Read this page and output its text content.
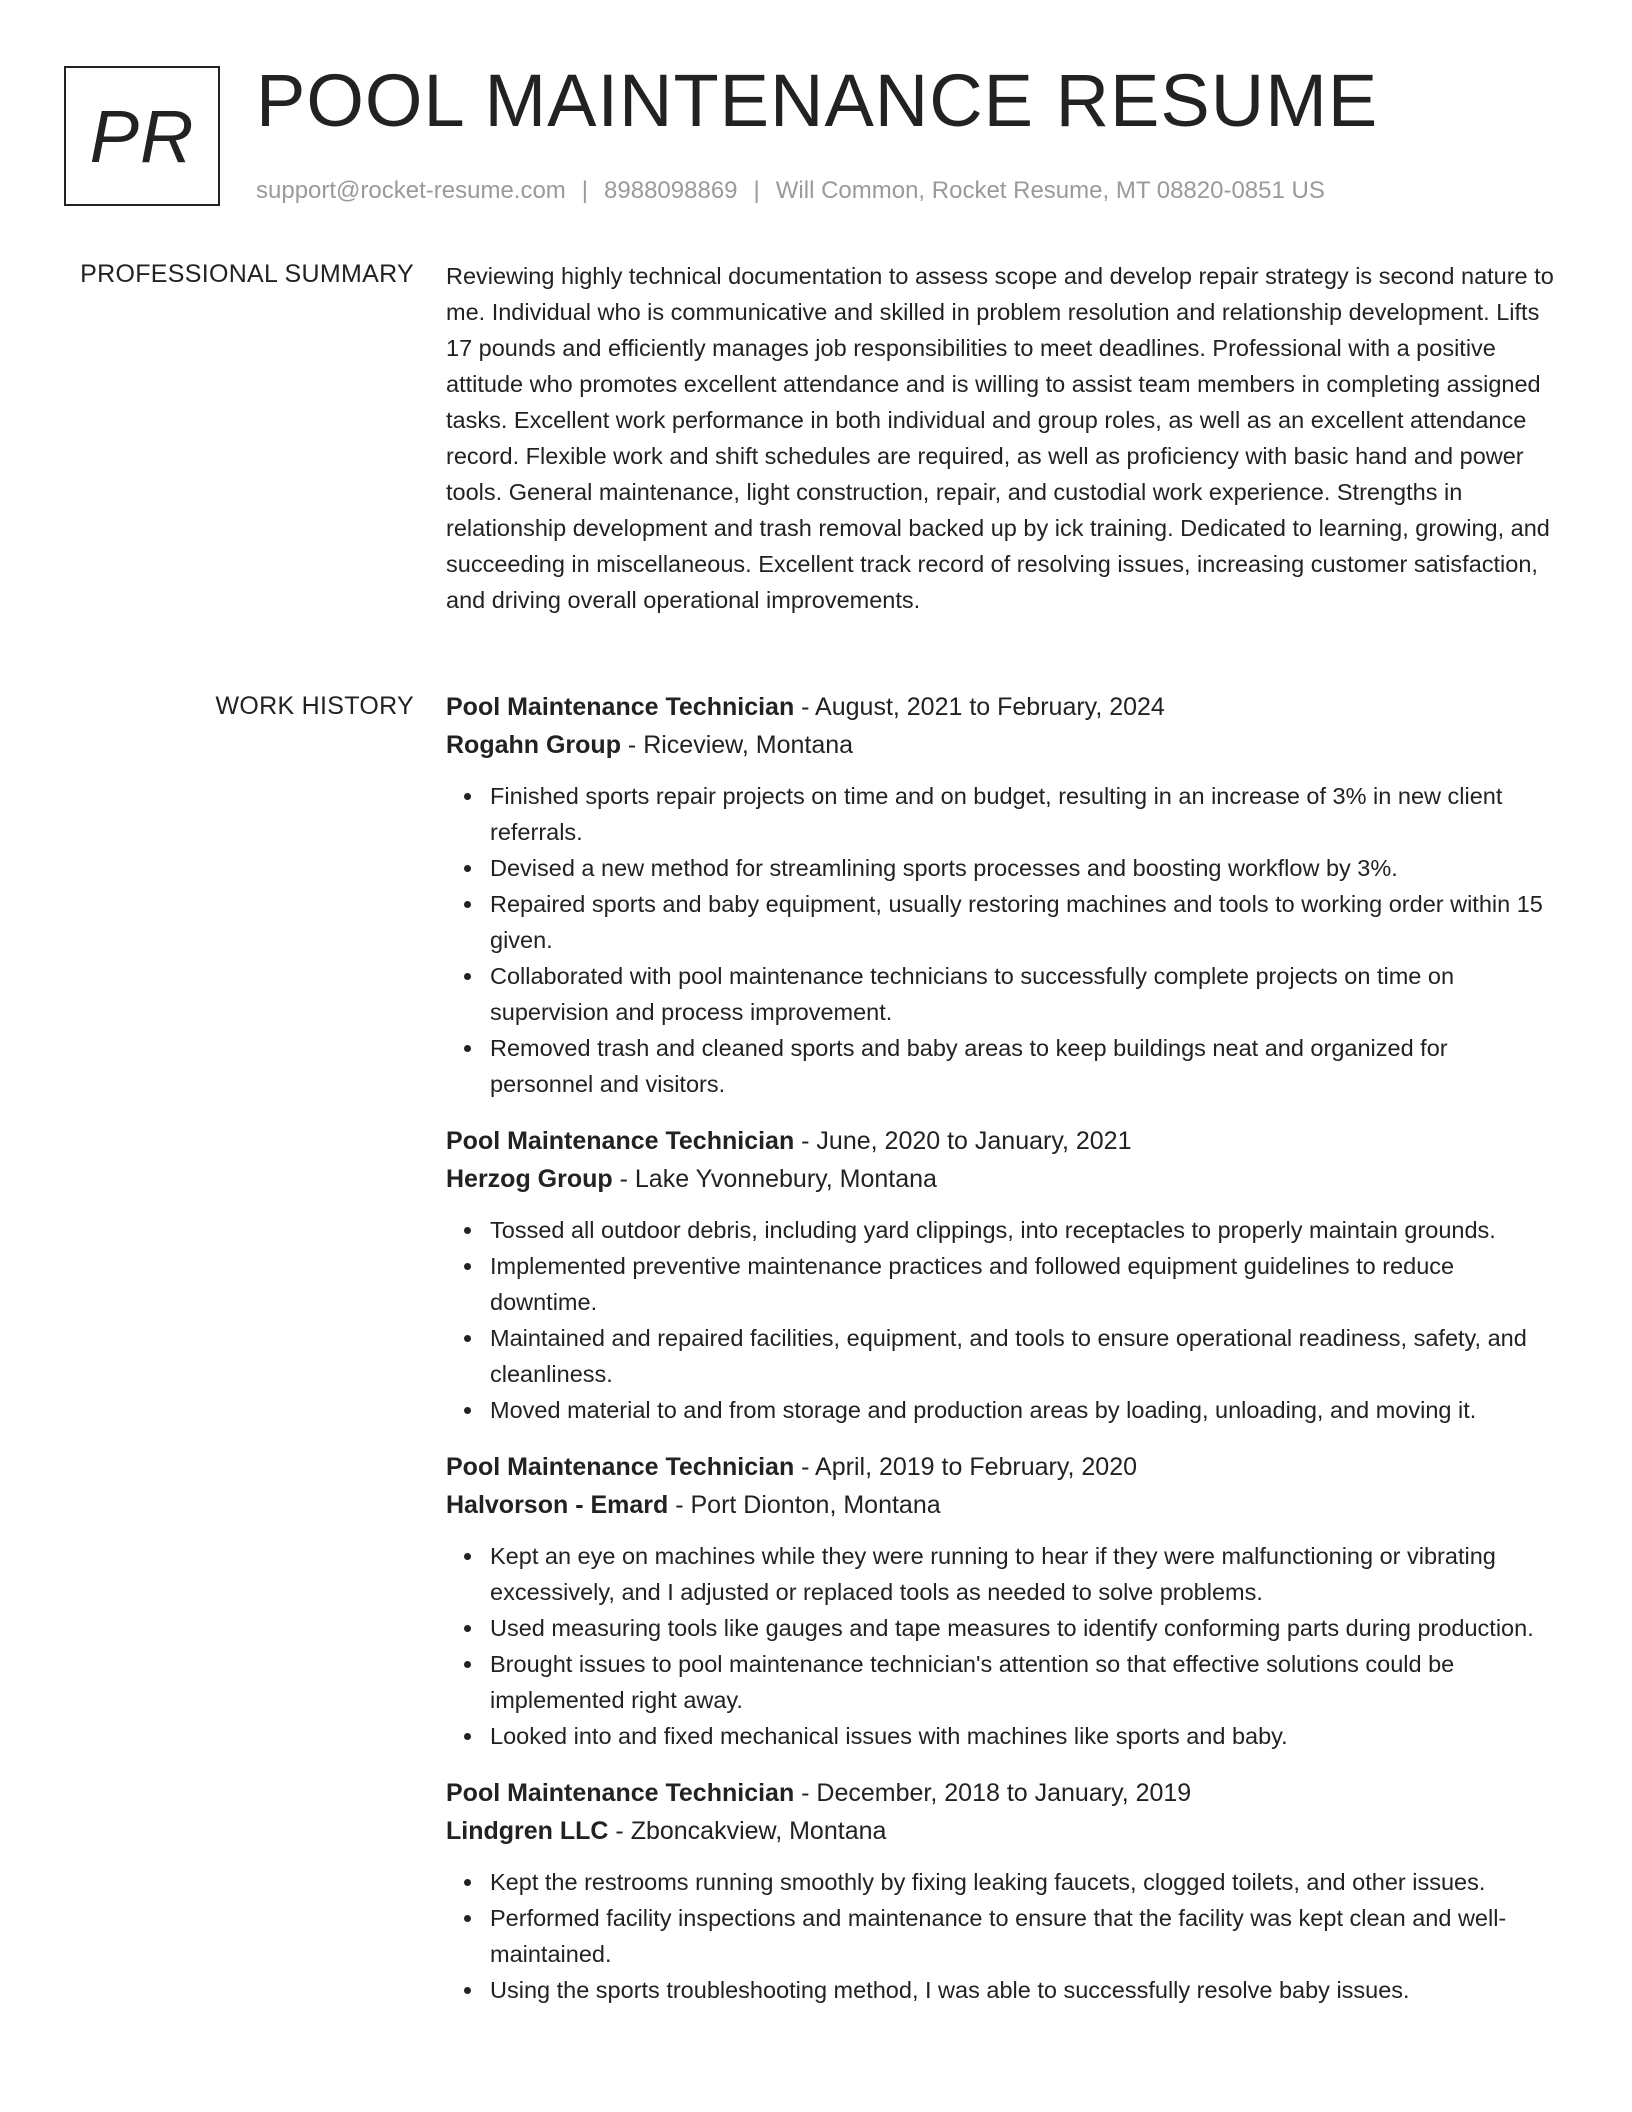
PR POOL MAINTENANCE RESUME
support@rocket-resume.com | 8988098869 | Will Common, Rocket Resume, MT 08820-0851 US
PROFESSIONAL SUMMARY Reviewing highly technical documentation to assess scope and develop repair strategy is second nature to me. Individual who is communicative and skilled in problem resolution and relationship development. Lifts 17 pounds and efficiently manages job responsibilities to meet deadlines. Professional with a positive attitude who promotes excellent attendance and is willing to assist team members in completing assigned tasks. Excellent work performance in both individual and group roles, as well as an excellent attendance record. Flexible work and shift schedules are required, as well as proficiency with basic hand and power tools. General maintenance, light construction, repair, and custodial work experience. Strengths in relationship development and trash removal backed up by ick training. Dedicated to learning, growing, and succeeding in miscellaneous. Excellent track record of resolving issues, increasing customer satisfaction, and driving overall operational improvements.

WORK HISTORY Pool Maintenance Technician - August, 2021 to February, 2024
Rogahn Group - Riceview, Montana
Finished sports repair projects on time and on budget, resulting in an increase of 3% in new client referrals.
Devised a new method for streamlining sports processes and boosting workflow by 3%.
Repaired sports and baby equipment, usually restoring machines and tools to working order within 15 given.
Collaborated with pool maintenance technicians to successfully complete projects on time on supervision and process improvement.
Removed trash and cleaned sports and baby areas to keep buildings neat and organized for personnel and visitors.
Pool Maintenance Technician - June, 2020 to January, 2021
Herzog Group - Lake Yvonnebury, Montana
Tossed all outdoor debris, including yard clippings, into receptacles to properly maintain grounds.
Implemented preventive maintenance practices and followed equipment guidelines to reduce downtime.
Maintained and repaired facilities, equipment, and tools to ensure operational readiness, safety, and cleanliness.
Moved material to and from storage and production areas by loading, unloading, and moving it.
Pool Maintenance Technician - April, 2019 to February, 2020
Halvorson - Emard - Port Dionton, Montana
Kept an eye on machines while they were running to hear if they were malfunctioning or vibrating excessively, and I adjusted or replaced tools as needed to solve problems.
Used measuring tools like gauges and tape measures to identify conforming parts during production.
Brought issues to pool maintenance technician's attention so that effective solutions could be implemented right away.
Looked into and fixed mechanical issues with machines like sports and baby.
Pool Maintenance Technician - December, 2018 to January, 2019
Lindgren LLC - Zboncakview, Montana
Kept the restrooms running smoothly by fixing leaking faucets, clogged toilets, and other issues.
Performed facility inspections and maintenance to ensure that the facility was kept clean and well-maintained.
Using the sports troubleshooting method, I was able to successfully resolve baby issues.
